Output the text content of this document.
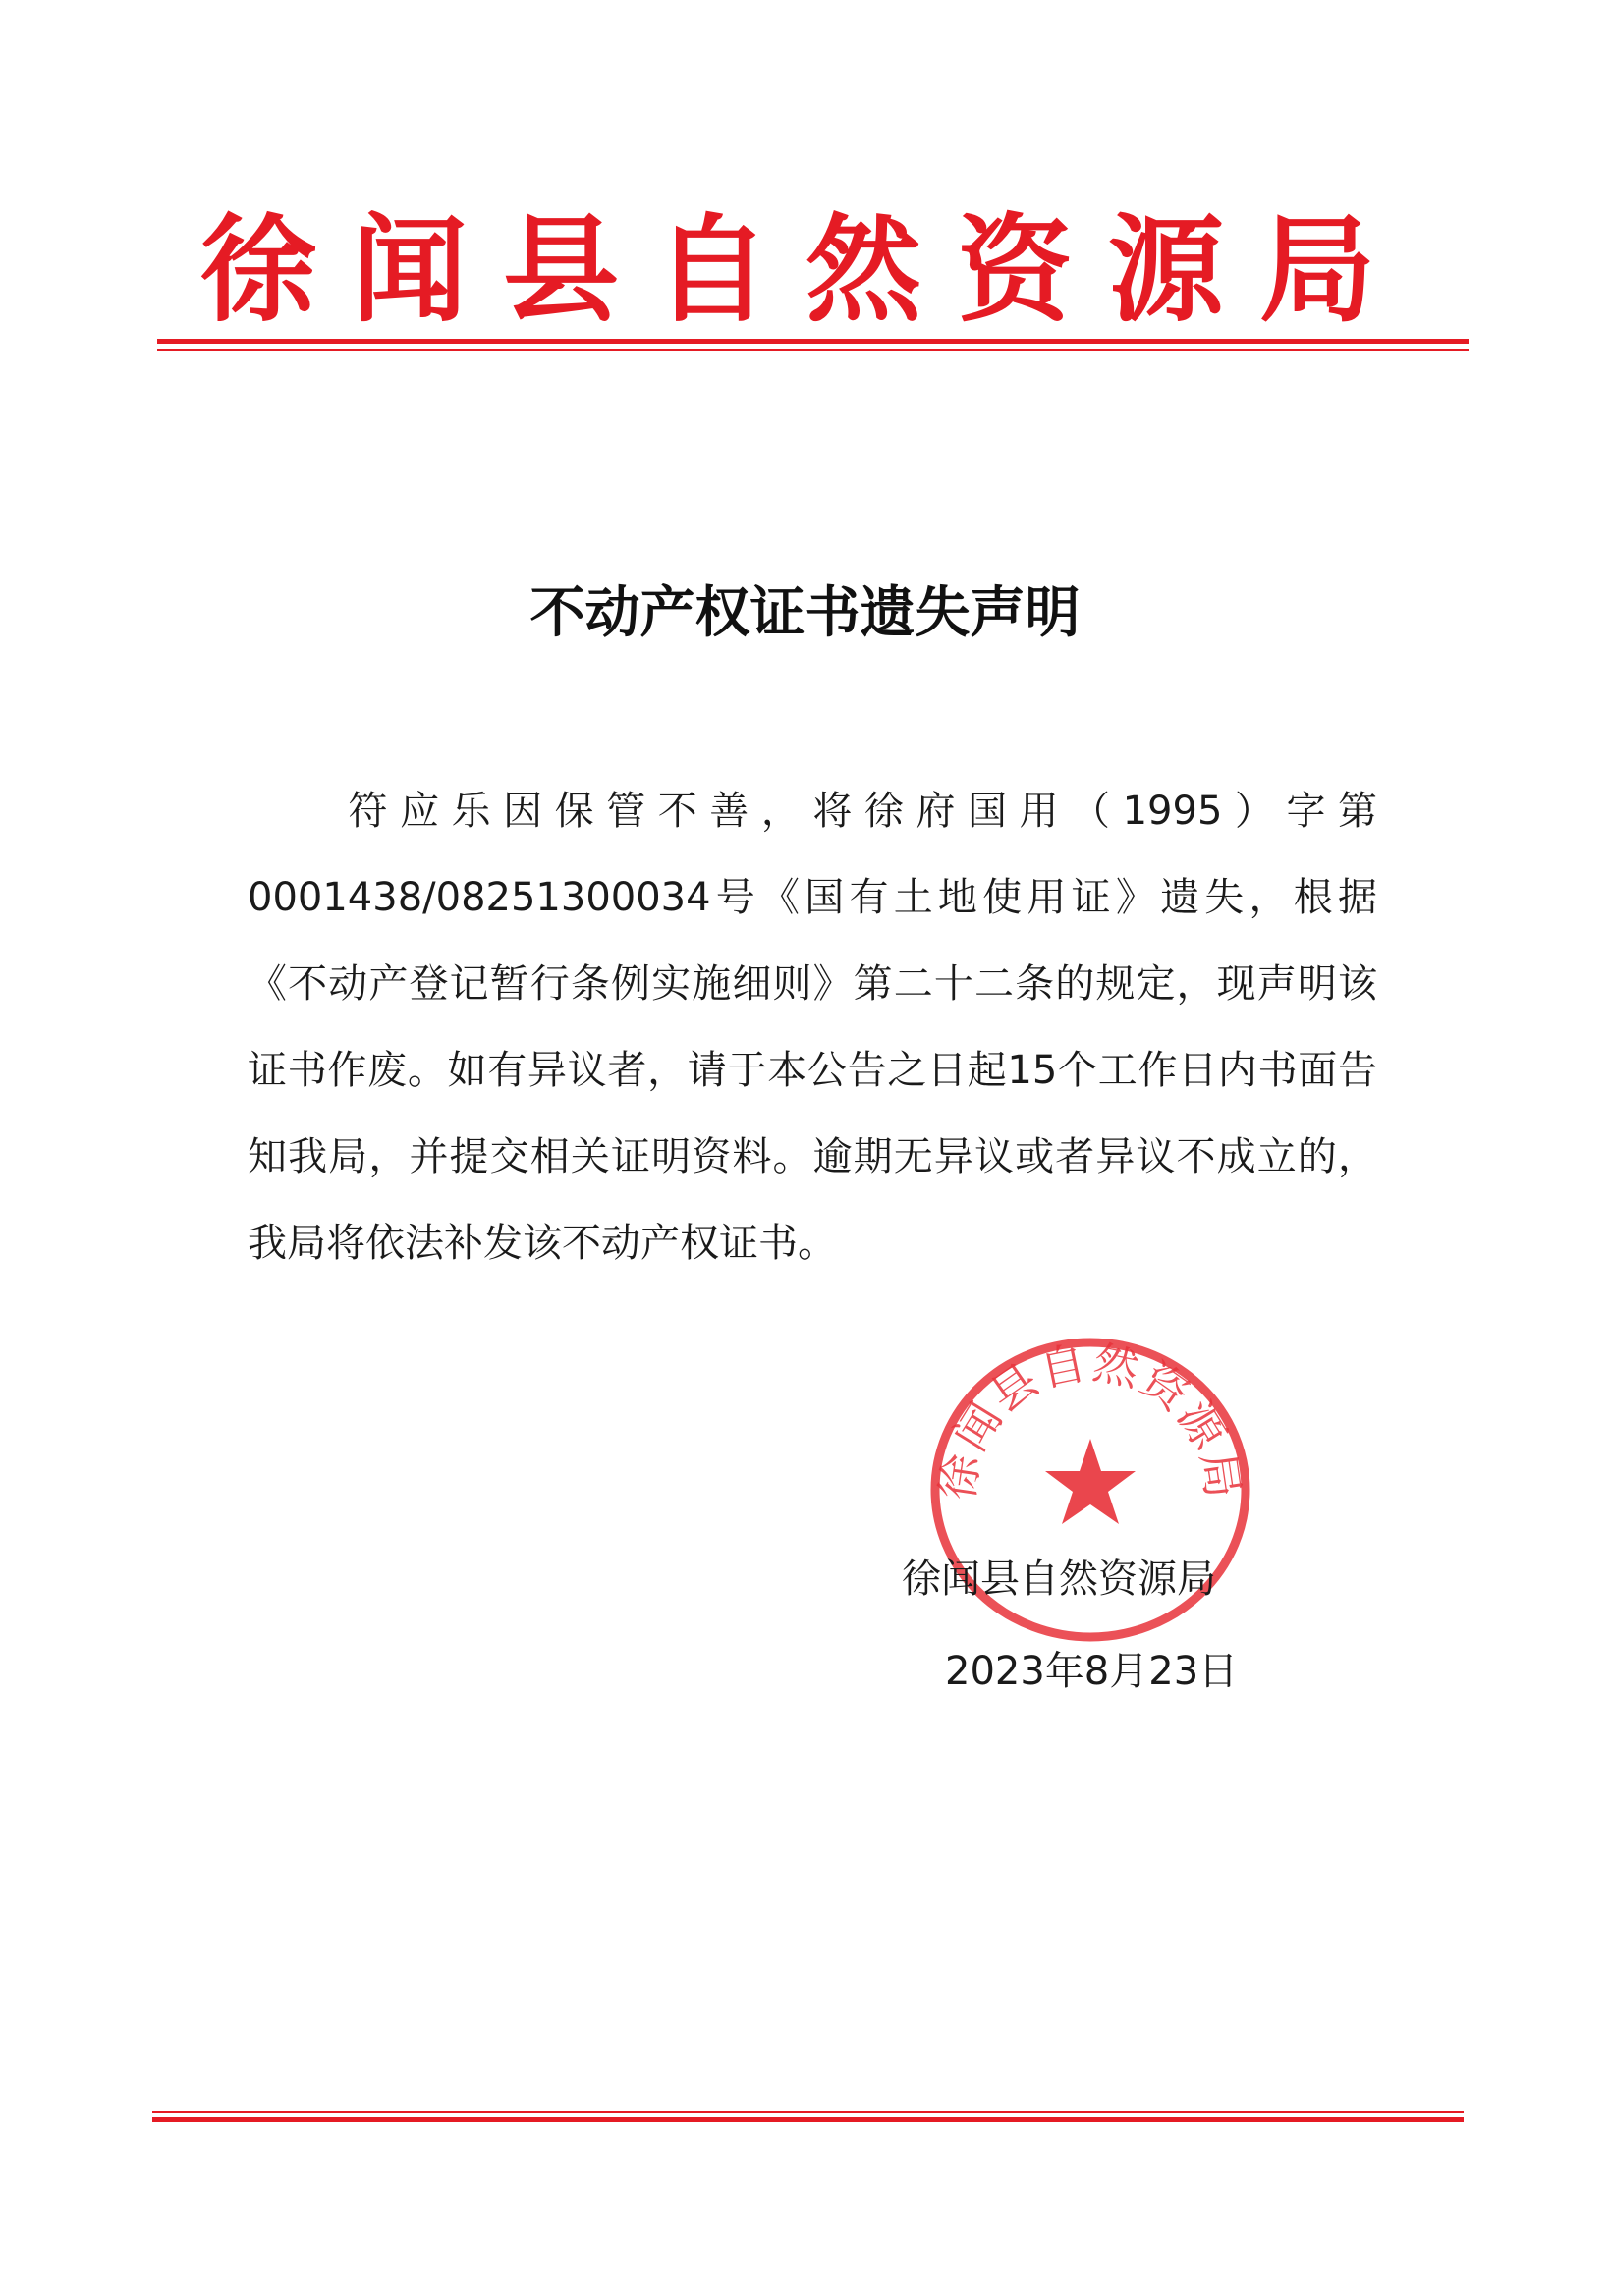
徐闻县自然资源局
不动产权证书遗失声明
符应乐因保管不善，将徐府国用（1995）字第0001438/08251300034号《国有土地使用证》遗失，根据《不动产登记暂行条例实施细则》第二十二条的规定，现声明该证书作废。如有异议者，请于本公告之日起15个工作日内书面告知我局，并提交相关证明资料。逾期无异议或者异议不成立的，我局将依法补发该不动产权证书。
徐闻县自然资源局
徐闻县自然资源局
2023年8月23日
